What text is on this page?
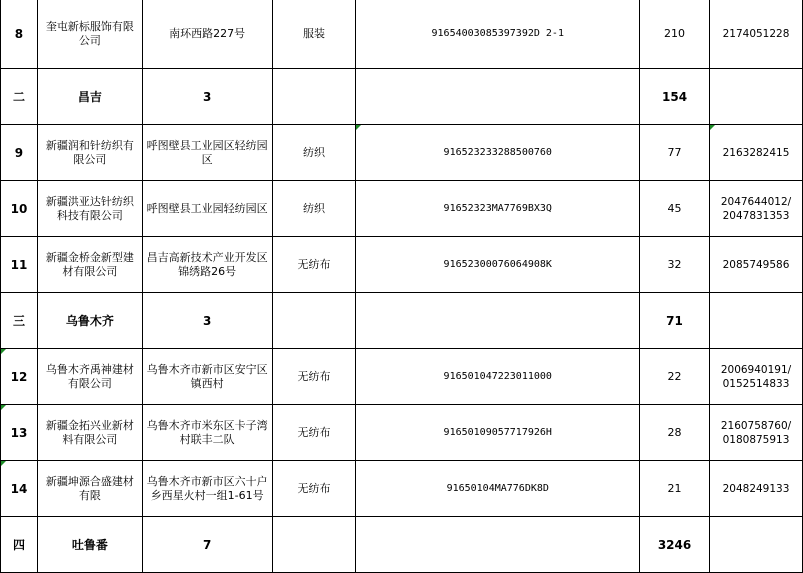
8	奎屯新标服饰有限公司	南环西路227号	服装	91654003085397392D 2-1	210	2174051228
二	昌吉	3			154	
9	新疆润和针纺织有限公司	呼图壁县工业园区轻纺园区	纺织	916523233288500760	77	2163282415
10	新疆洪亚达针纺织科技有限公司	呼图壁县工业园轻纺园区	纺织	91652323MA7769BX3Q	45	2047644012/
2047831353
11	新疆金桥金新型建材有限公司	昌吉高新技术产业开发区锦绣路26号	无纺布	91652300076064908K	32	2085749586
三	乌鲁木齐	3			71	

12	乌鲁木齐禹神建材有限公司	乌鲁木齐市新市区安宁区镇西村	无纺布	916501047223011000	22	2006940191/
0152514833

13	新疆金拓兴业新材料有限公司	乌鲁木齐市米东区卡子湾村联丰二队	无纺布	91650109057717926H	28	2160758760/
0180875913

14	新疆坤源合盛建材有限	乌鲁木齐市新市区六十户乡西星火村一组1-61号	无纺布	91650104MA776DK8D	21	2048249133
四	吐鲁番	7			3246	
